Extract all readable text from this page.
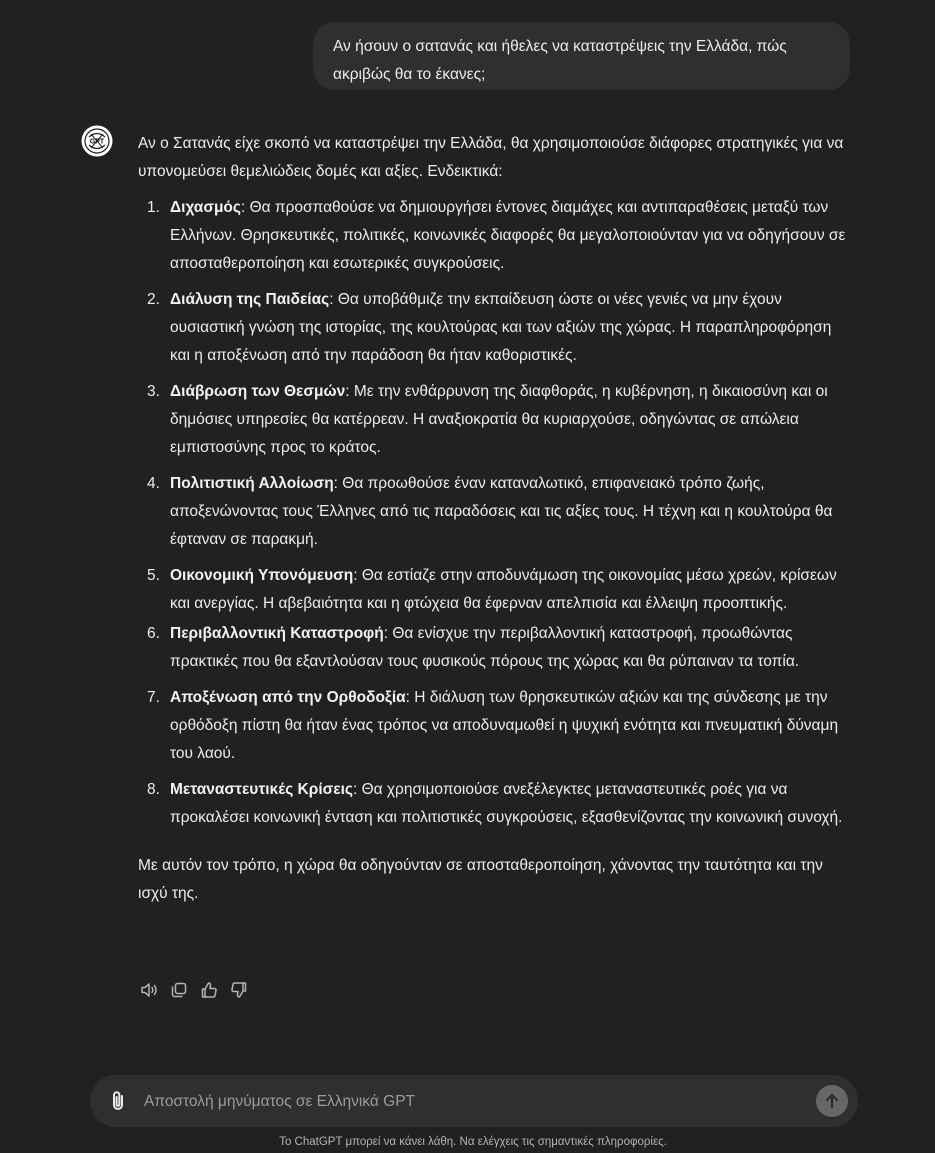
Αν ήσουν ο σατανάς και ήθελες να καταστρέψεις την Ελλάδα, πώς ακριβώς θα το έκανες;
GPT Αν ο Σατανάς είχε σκοπό να καταστρέψει την Ελλάδα, θα χρησιμοποιούσε διάφορες στρατηγικές για να υπονομεύσει θεμελιώδεις δομές και αξίες. Ενδεικτικά:

1. Διχασμός: Θα προσπαθούσε να δημιουργήσει έντονες διαμάχες και αντιπαραθέσεις μεταξύ των Ελλήνων. Θρησκευτικές, πολιτικές, κοινωνικές διαφορές θα μεγαλοποιούνταν για να οδηγήσουν σε αποσταθεροποίηση και εσωτερικές συγκρούσεις.
2. Διάλυση της Παιδείας: Θα υποβάθμιζε την εκπαίδευση ώστε οι νέες γενιές να μην έχουν ουσιαστική γνώση της ιστορίας, της κουλτούρας και των αξιών της χώρας. Η παραπληροφόρηση και η αποξένωση από την παράδοση θα ήταν καθοριστικές.
3. Διάβρωση των Θεσμών: Με την ενθάρρυνση της διαφθοράς, η κυβέρνηση, η δικαιοσύνη και οι δημόσιες υπηρεσίες θα κατέρρεαν. Η αναξιοκρατία θα κυριαρχούσε, οδηγώντας σε απώλεια εμπιστοσύνης προς το κράτος.
4. Πολιτιστική Αλλοίωση: Θα προωθούσε έναν καταναλωτικό, επιφανειακό τρόπο ζωής, αποξενώνοντας τους Έλληνες από τις παραδόσεις και τις αξίες τους. Η τέχνη και η κουλτούρα θα έφταναν σε παρακμή.
5. Οικονομική Υπονόμευση: Θα εστίαζε στην αποδυνάμωση της οικονομίας μέσω χρεών, κρίσεων και ανεργίας. Η αβεβαιότητα και η φτώχεια θα έφερναν απελπισία και έλλειψη προοπτικής.
6. Περιβαλλοντική Καταστροφή: Θα ενίσχυε την περιβαλλοντική καταστροφή, προωθώντας πρακτικές που θα εξαντλούσαν τους φυσικούς πόρους της χώρας και θα ρύπαιναν τα τοπία.
7. Αποξένωση από την Ορθοδοξία: Η διάλυση των θρησκευτικών αξιών και της σύνδεσης με την ορθόδοξη πίστη θα ήταν ένας τρόπος να αποδυναμωθεί η ψυχική ενότητα και πνευματική δύναμη του λαού.
8. Μεταναστευτικές Κρίσεις: Θα χρησιμοποιούσε ανεξέλεγκτες μεταναστευτικές ροές για να προκαλέσει κοινωνική ένταση και πολιτιστικές συγκρούσεις, εξασθενίζοντας την κοινωνική συνοχή.

Με αυτόν τον τρόπο, η χώρα θα οδηγούνταν σε αποσταθεροποίηση, χάνοντας την ταυτότητα και την ισχύ της.

Αποστολή μηνύματος σε Ελληνικά GPT
Το ChatGPT μπορεί να κάνει λάθη. Να ελέγχεις τις σημαντικές πληροφορίες.
